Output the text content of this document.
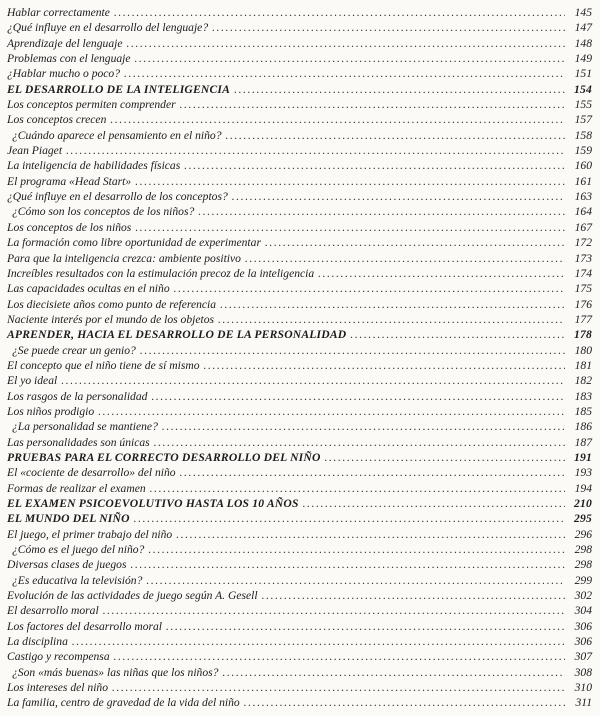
Hablar correctamente .....	145
¿Qué influye en el desarrollo del lenguaje? .....	147
Aprendizaje del lenguaje .....	148
Problemas con el lenguaje .....	149
¿Hablar mucho o poco? .....	151
EL DESARROLLO DE LA INTELIGENCIA .....	154
Los conceptos permiten comprender .....	155
Los conceptos crecen .....	157
¿Cuándo aparece el pensamiento en el niño? .....	158
Jean Piaget .....	159
La inteligencia de habilidades físicas .....	160
El programa «Head Start» .....	161
¿Qué influye en el desarrollo de los conceptos? .....	163
¿Cómo son los conceptos de los niños? .....	164
Los conceptos de los niños .....	167
La formación como libre oportunidad de experimentar .....	172
Para que la inteligencia crezca: ambiente positivo .....	173
Increíbles resultados con la estimulación precoz de la inteligencia .....	174
Las capacidades ocultas en el niño .....	175
Los diecisiete años como punto de referencia .....	176
Naciente interés por el mundo de los objetos .....	177
APRENDER, HACIA EL DESARROLLO DE LA PERSONALIDAD .....	178
¿Se puede crear un genio? .....	180
El concepto que el niño tiene de sí mismo .....	181
El yo ideal .....	182
Los rasgos de la personalidad .....	183
Los niños prodigio .....	185
¿La personalidad se mantiene? .....	186
Las personalidades son únicas .....	187
PRUEBAS PARA EL CORRECTO DESARROLLO DEL NIÑO .....	191
El «cociente de desarrollo» del niño .....	193
Formas de realizar el examen .....	194
EL EXAMEN PSICOEVOLUTIVO HASTA LOS 10 AÑOS .....	210
EL MUNDO DEL NIÑO .....	295
El juego, el primer trabajo del niño .....	296
¿Cómo es el juego del niño? .....	298
Diversas clases de juegos .....	298
¿Es educativa la televisión? .....	299
Evolución de las actividades de juego según A. Gesell .....	302
El desarrollo moral .....	304
Los factores del desarrollo moral .....	306
La disciplina .....	306
Castigo y recompensa .....	307
¿Son «más buenas» las niñas que los niños? .....	308
Los intereses del niño .....	310
La familia, centro de gravedad de la vida del niño .....	311
